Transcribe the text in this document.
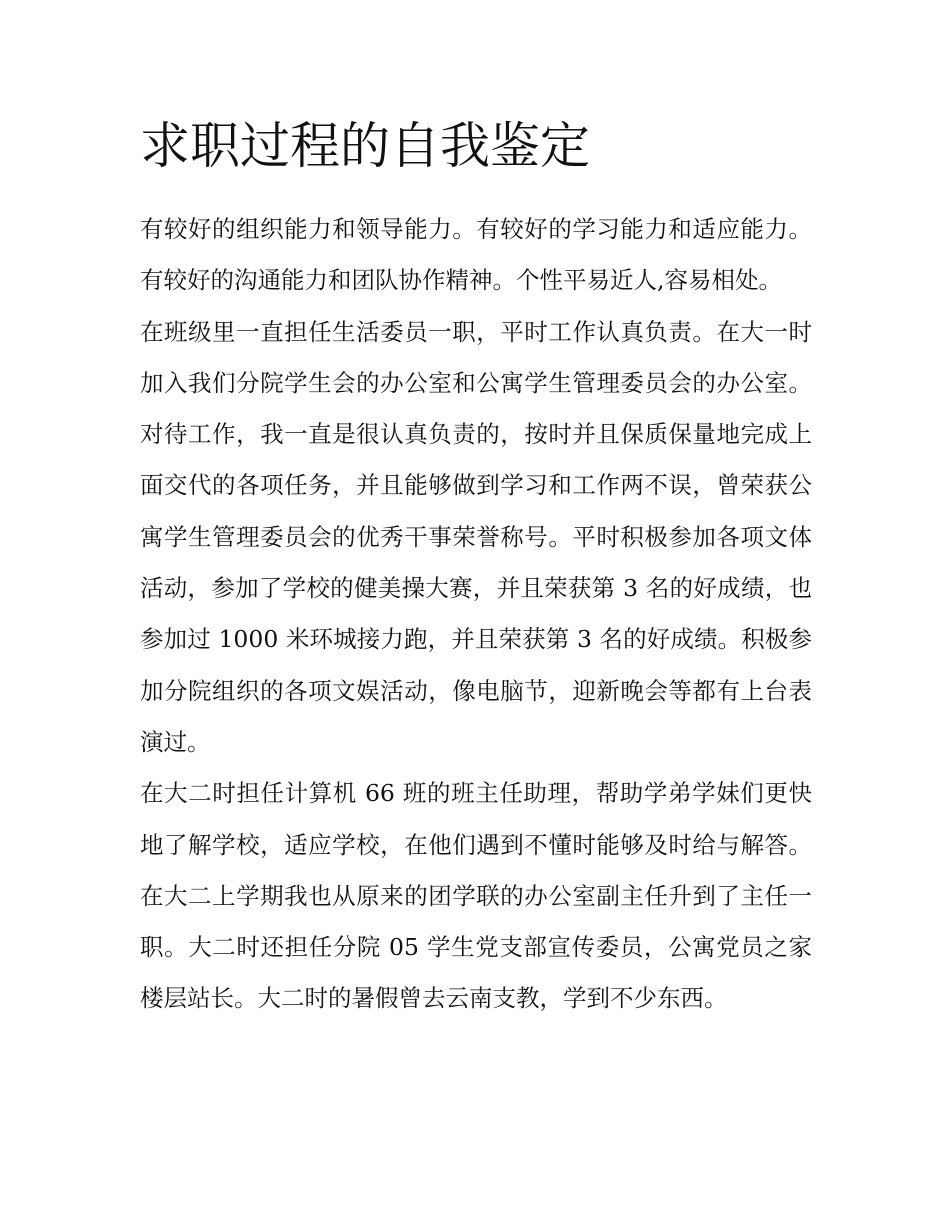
求职过程的自我鉴定

有较好的组织能力和领导能力。有较好的学习能力和适应能力。有较好的沟通能力和团队协作精神。个性平易近人,容易相处。

在班级里一直担任生活委员一职，平时工作认真负责。在大一时加入我们分院学生会的办公室和公寓学生管理委员会的办公室。对待工作，我一直是很认真负责的，按时并且保质保量地完成上面交代的各项任务，并且能够做到学习和工作两不误，曾荣获公寓学生管理委员会的优秀干事荣誉称号。平时积极参加各项文体活动，参加了学校的健美操大赛，并且荣获第 3 名的好成绩，也参加过 1000 米环城接力跑，并且荣获第 3 名的好成绩。积极参加分院组织的各项文娱活动，像电脑节，迎新晚会等都有上台表演过。

在大二时担任计算机 66 班的班主任助理，帮助学弟学妹们更快地了解学校，适应学校，在他们遇到不懂时能够及时给与解答。在大二上学期我也从原来的团学联的办公室副主任升到了主任一职。大二时还担任分院 05 学生党支部宣传委员，公寓党员之家楼层站长。大二时的暑假曾去云南支教，学到不少东西。
